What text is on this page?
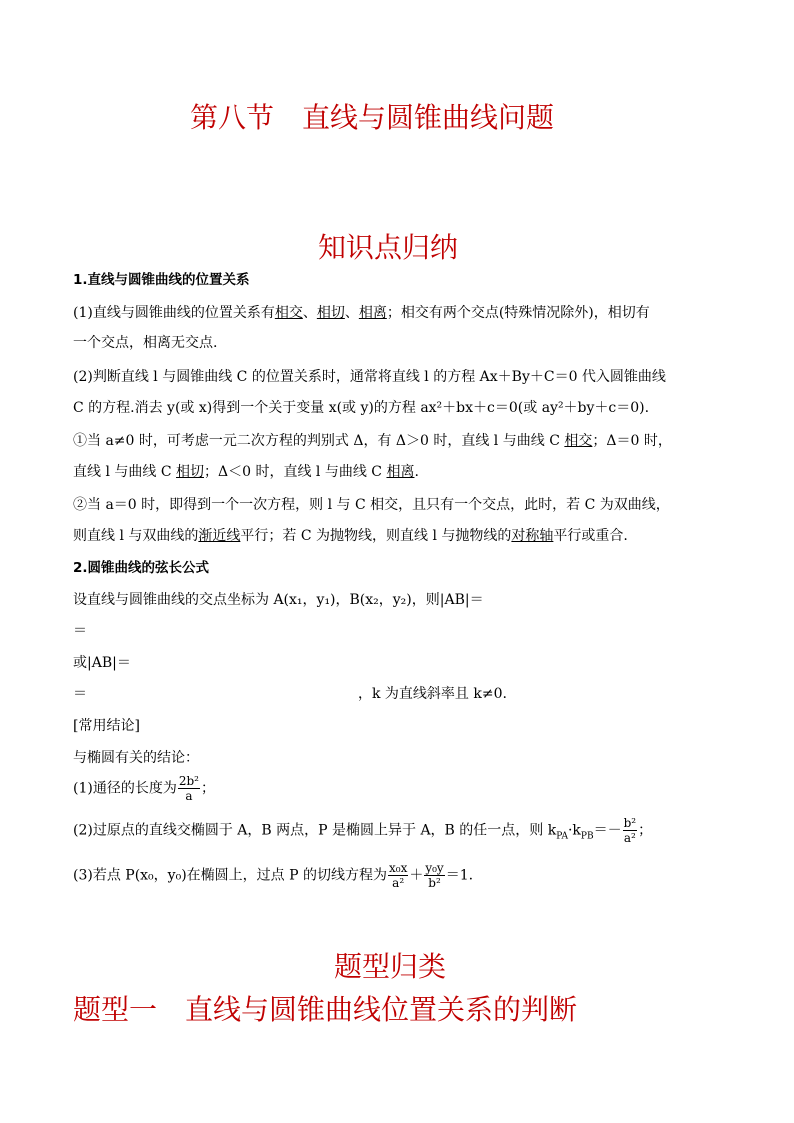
第八节　直线与圆锥曲线问题
知识点归纳
1.直线与圆锥曲线的位置关系
(1)直线与圆锥曲线的位置关系有相交、相切、相离；相交有两个交点(特殊情况除外)，相切有
一个交点，相离无交点.
(2)判断直线 l 与圆锥曲线 C 的位置关系时，通常将直线 l 的方程 Ax＋By＋C＝0 代入圆锥曲线
C 的方程.消去 y(或 x)得到一个关于变量 x(或 y)的方程 ax²＋bx＋c＝0(或 ay²＋by＋c＝0).
①当 a≠0 时，可考虑一元二次方程的判别式 Δ，有 Δ＞0 时，直线 l 与曲线 C 相交；Δ＝0 时，
直线 l 与曲线 C 相切；Δ＜0 时，直线 l 与曲线 C 相离.
②当 a＝0 时，即得到一个一次方程，则 l 与 C 相交，且只有一个交点，此时，若 C 为双曲线，
则直线 l 与双曲线的渐近线平行；若 C 为抛物线，则直线 l 与抛物线的对称轴平行或重合.
2.圆锥曲线的弦长公式
设直线与圆锥曲线的交点坐标为 A(x₁，y₁)，B(x₂，y₂)，则|AB|＝
＝
或|AB|＝
＝	，k 为直线斜率且 k≠0.
[常用结论]
与椭圆有关的结论：
(1)通径的长度为 $\frac{\text{2b²}}{a}$ ；
(2)过原点的直线交椭圆于 A，B 两点，P 是椭圆上异于 A，B 的任一点，则 $k_{PA}\cdot k_{PB}=- \frac{\text{b²}}{\text{a²}}$ ；
(3)若点 P(x₀，y₀)在椭圆上，过点 P 的切线方程为 $\frac{\text{x₀x}}{\text{a²}} + \frac{\text{y₀y}}{\text{b²}} =1$.
题型归类
题型一　直线与圆锥曲线位置关系的判断
